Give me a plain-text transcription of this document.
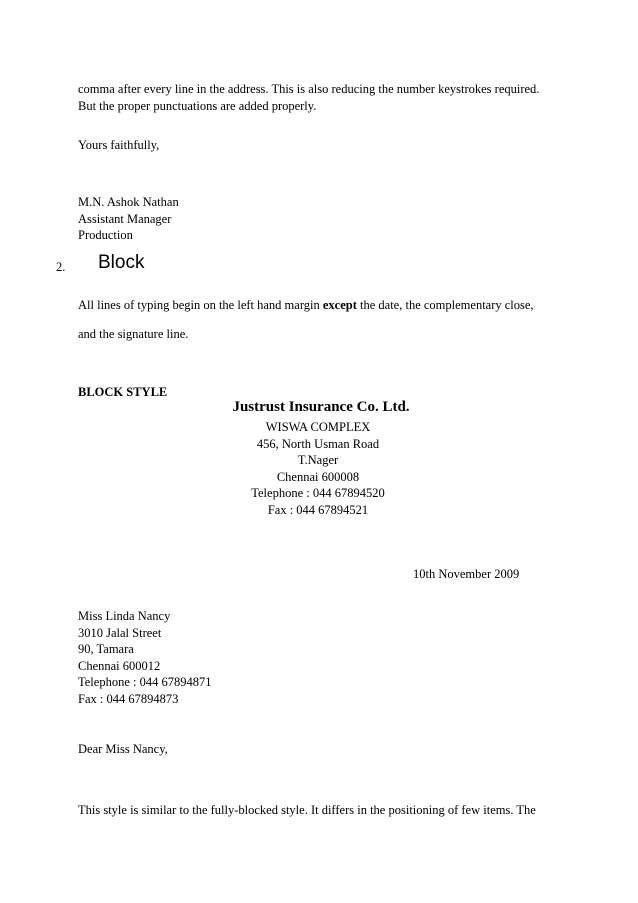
comma after every line in the address. This is also reducing the number keystrokes required.
But the proper punctuations are added properly.
Yours faithfully,
M.N. Ashok Nathan
Assistant Manager
Production
2. Block
All lines of typing begin on the left hand margin except the date, the complementary close,
and the signature line.
BLOCK STYLE
Justrust Insurance Co. Ltd.
WISWA COMPLEX
456, North Usman Road
T.Nager
Chennai 600008
Telephone : 044 67894520
Fax : 044 67894521
10th November 2009
Miss Linda Nancy
3010 Jalal Street
90, Tamara
Chennai 600012
Telephone : 044 67894871
Fax : 044 67894873
Dear Miss Nancy,
This style is similar to the fully-blocked style. It differs in the positioning of few items. The
